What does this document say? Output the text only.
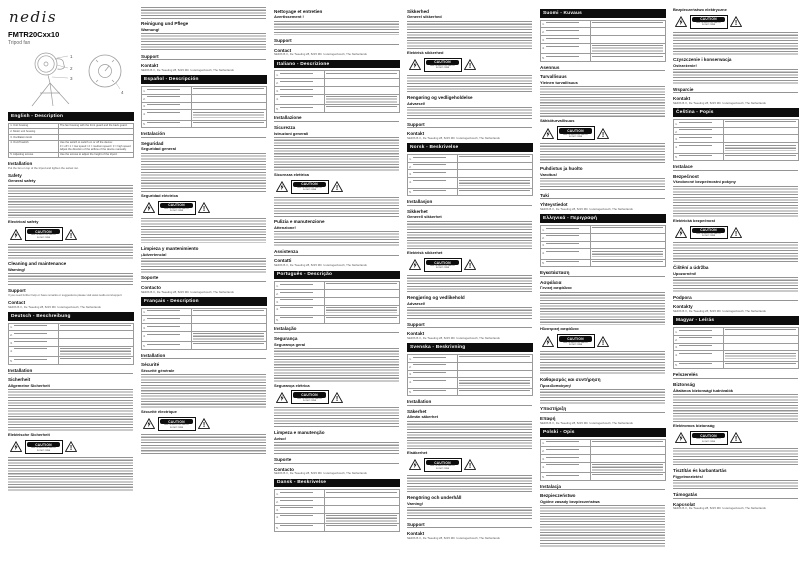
nedis
FMTR20Cxx10
Tripod fan
1
2
3
4
English - Description
1. Unit housing	The fan housing with the front guard and the back guard.

2. Motor unit housing	
3. Oscillation knob	
4. On/off switch	Use the switch to switch on or off the device:
0 = off / 1 = low speed / 2 = medium speed / 3 = high speed
Adjust the direction of the airflow of the device manually.

5. Adjusting screws	Use the screws to adjust the height of the tripod.
Installation
Put the fan on top of the tripod and tighten the swivel nut.
Safety
General safety
Electrical safety
CAUTION
RISK OF ELECTRIC SHOCK
DO NOT OPEN	!
Cleaning and maintenance
Warning!
Support
If you need further help or have remarks or suggestions please visit www.nedis.com/support
Contact
NEDIS B.V., De Tweeling 28, 5215 MC 's-Hertogenbosch, The Netherlands
Deutsch - Beschreibung
1.	

2.	

3.	

4.	

5.	
Installation
Sicherheit
Allgemeine Sicherheit
Elektrische Sicherheit
CAUTION
RISK OF ELECTRIC SHOCK
DO NOT OPEN	!
Reinigung und Pflege
Warnung!
Support
Kontakt
NEDIS B.V., De Tweeling 28, 5215 MC 's-Hertogenbosch, The Netherlands
Español - Descripción
1.	

2.	

3.	

4.	

5.	
Instalación
Seguridad
Seguridad general
Seguridad eléctrica
CAUTION
RISK OF ELECTRIC SHOCK
DO NOT OPEN	!
Limpieza y mantenimiento
¡Advertencia!
Soporte
Contacto
NEDIS B.V., De Tweeling 28, 5215 MC 's-Hertogenbosch, The Netherlands
Français - Description
1.	

2.	

3.	

4.	

5.	
Installation
Sécurité
Sécurité générale
Sécurité électrique
CAUTION
RISK OF ELECTRIC SHOCK
DO NOT OPEN	!
Nettoyage et entretien
Avertissement !
Support
Contact
NEDIS B.V., De Tweeling 28, 5215 MC 's-Hertogenbosch, The Netherlands
Italiano - Descrizione
1.	

2.	

3.	

4.	

5.	
Installazione
Sicurezza
Istruzioni generali
Sicurezza elettrica
CAUTION
RISK OF ELECTRIC SHOCK
DO NOT OPEN	!
Pulizia e manutenzione
Attenzione!
Assistenza
Contatti
NEDIS B.V., De Tweeling 28, 5215 MC 's-Hertogenbosch, The Netherlands
Português - Descrição
1.	

2.	

3.	

4.	

5.	
Instalação
Segurança
Segurança geral
Segurança elétrica
CAUTION
RISK OF ELECTRIC SHOCK
DO NOT OPEN	!
Limpeza e manutenção
Aviso!
Suporte
Contacto
NEDIS B.V., De Tweeling 28, 5215 MC 's-Hertogenbosch, The Netherlands
Dansk - Beskrivelse
1.	

2.	

3.	

4.	

5.	
Sikkerhed
Generel sikkerhed
Elektrisk sikkerhed
CAUTION
RISK OF ELECTRIC SHOCK
DO NOT OPEN	!
Rengøring og vedligeholdelse
Advarsel!
Support
Kontakt
NEDIS B.V., De Tweeling 28, 5215 MC 's-Hertogenbosch, The Netherlands
Norsk - Beskrivelse
1.	

2.	

3.	

4.	

5.	
Installasjon
Sikkerhet
Generell sikkerhet
Elektrisk sikkerhet
CAUTION
RISK OF ELECTRIC SHOCK
DO NOT OPEN	!
Rengjøring og vedlikehold
Advarsel!
Support
Kontakt
NEDIS B.V., De Tweeling 28, 5215 MC 's-Hertogenbosch, The Netherlands
Svenska - Beskrivning
1.	

2.	

3.	

4.	

5.	
Installation
Säkerhet
Allmän säkerhet
Elsäkerhet
CAUTION
RISK OF ELECTRIC SHOCK
DO NOT OPEN	!
Rengöring och underhåll
Varning!
Support
Kontakt
NEDIS B.V., De Tweeling 28, 5215 MC 's-Hertogenbosch, The Netherlands
Suomi - Kuvaus
1.	

2.	

3.	

4.	

5.	
Asennus
Turvallisuus
Yleinen turvallisuus
Sähköturvallisuus
CAUTION
RISK OF ELECTRIC SHOCK
DO NOT OPEN	!
Puhdistus ja huolto
Varoitus!
Tuki
Yhteystiedot
NEDIS B.V., De Tweeling 28, 5215 MC 's-Hertogenbosch, The Netherlands
Ελληνικά - Περιγραφή
1.	

2.	

3.	

4.	

5.	
Εγκατάσταση
Ασφάλεια
Γενική ασφάλεια
Ηλεκτρική ασφάλεια
CAUTION
RISK OF ELECTRIC SHOCK
DO NOT OPEN	!
Καθαρισμός και συντήρηση
Προειδοποίηση!
Υποστήριξη
Επαφή
NEDIS B.V., De Tweeling 28, 5215 MC 's-Hertogenbosch, The Netherlands
Polski - Opis
1.	

2.	

3.	

4.	

5.	
Instalacja
Bezpieczeństwo
Ogólne zasady bezpieczeństwa
Bezpieczeństwo elektryczne
CAUTION
RISK OF ELECTRIC SHOCK
DO NOT OPEN	!
Czyszczenie i konserwacja
Ostrzeżenie!
Wsparcie
Kontakt
NEDIS B.V., De Tweeling 28, 5215 MC 's-Hertogenbosch, The Netherlands
Čeština - Popis
1.	

2.	

3.	

4.	

5.	
Instalace
Bezpečnost
Všeobecné bezpečnostní pokyny
Elektrická bezpečnost
CAUTION
RISK OF ELECTRIC SHOCK
DO NOT OPEN	!
Čištění a údržba
Upozornění!
Podpora
Kontakty
NEDIS B.V., De Tweeling 28, 5215 MC 's-Hertogenbosch, The Netherlands
Magyar - Leírás
1.	

2.	

3.	

4.	

5.	
Felszerelés
Biztonság
Általános biztonsági tudnivalók
Elektromos biztonság
CAUTION
RISK OF ELECTRIC SHOCK
DO NOT OPEN	!
Tisztítás és karbantartás
Figyelmeztetés!
Támogatás
Kapcsolat
NEDIS B.V., De Tweeling 28, 5215 MC 's-Hertogenbosch, The Netherlands
